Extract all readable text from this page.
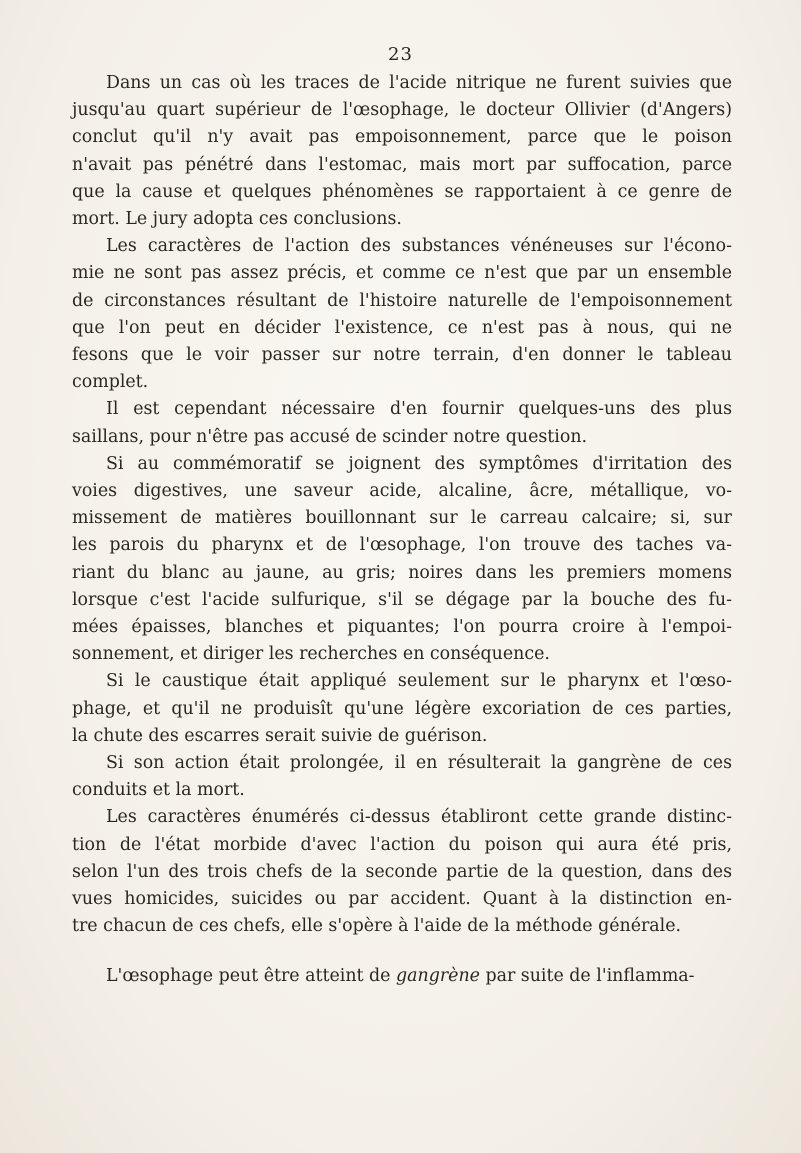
23

Dans un cas où les traces de l'acide nitrique ne furent suivies que
jusqu'au quart supérieur de l'œsophage, le docteur Ollivier (d'Angers)
conclut qu'il n'y avait pas empoisonnement, parce que le poison
n'avait pas pénétré dans l'estomac, mais mort par suffocation, parce
que la cause et quelques phénomènes se rapportaient à ce genre de
mort. Le jury adopta ces conclusions.

Les caractères de l'action des substances vénéneuses sur l'écono-
mie ne sont pas assez précis, et comme ce n'est que par un ensemble
de circonstances résultant de l'histoire naturelle de l'empoisonnement
que l'on peut en décider l'existence, ce n'est pas à nous, qui ne
fesons que le voir passer sur notre terrain, d'en donner le tableau
complet.

Il est cependant nécessaire d'en fournir quelques-uns des plus
saillans, pour n'être pas accusé de scinder notre question.

Si au commémoratif se joignent des symptômes d'irritation des
voies digestives, une saveur acide, alcaline, âcre, métallique, vo-
missement de matières bouillonnant sur le carreau calcaire; si, sur
les parois du pharynx et de l'œsophage, l'on trouve des taches va-
riant du blanc au jaune, au gris; noires dans les premiers momens
lorsque c'est l'acide sulfurique, s'il se dégage par la bouche des fu-
mées épaisses, blanches et piquantes; l'on pourra croire à l'empoi-
sonnement, et diriger les recherches en conséquence.

Si le caustique était appliqué seulement sur le pharynx et l'œso-
phage, et qu'il ne produisît qu'une légère excoriation de ces parties,
la chute des escarres serait suivie de guérison.

Si son action était prolongée, il en résulterait la gangrène de ces
conduits et la mort.

Les caractères énumérés ci-dessus établiront cette grande distinc-
tion de l'état morbide d'avec l'action du poison qui aura été pris,
selon l'un des trois chefs de la seconde partie de la question, dans des
vues homicides, suicides ou par accident. Quant à la distinction en-
tre chacun de ces chefs, elle s'opère à l'aide de la méthode générale.

L'œsophage peut être atteint de gangrène par suite de l'inflamma-
